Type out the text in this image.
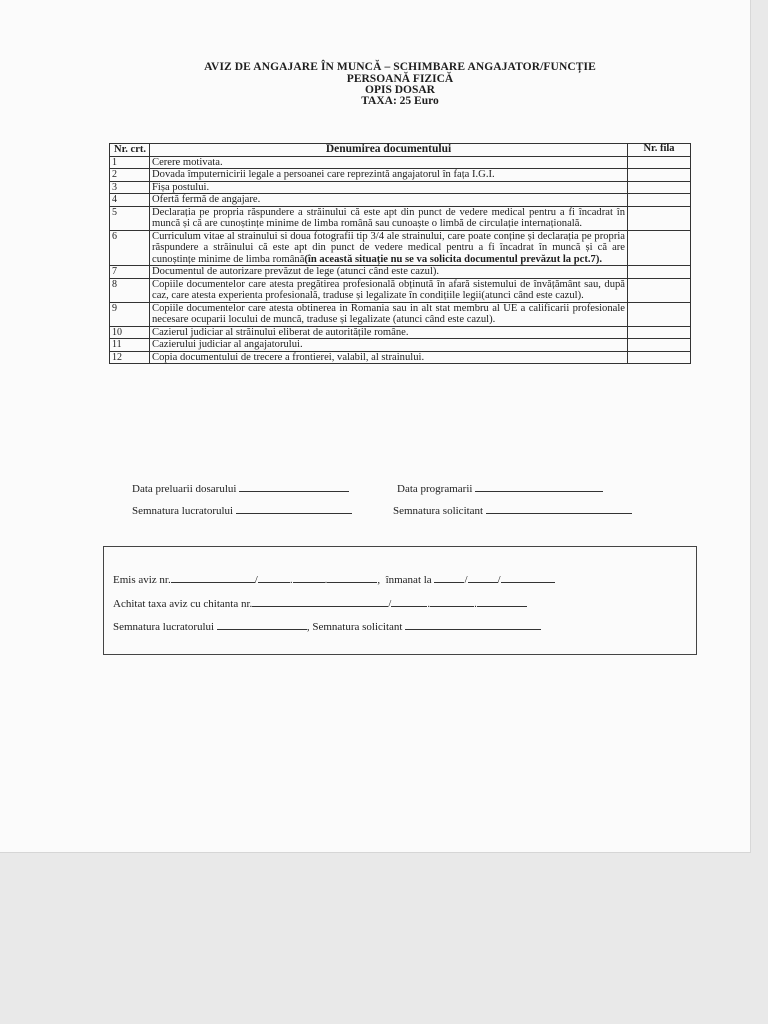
AVIZ DE ANGAJARE ÎN MUNCĂ – SCHIMBARE ANGAJATOR/FUNCȚIE
PERSOANĂ FIZICĂ
OPIS DOSAR
TAXA: 25 Euro
Nr. crt.	Denumirea documentului	Nr. fila
1	Cerere motivata.	
2	Dovada împuternicirii legale a persoanei care reprezintă angajatorul în fața I.G.I.	
3	Fișa postului.	
4	Ofertă fermă de angajare.	
5	Declarația pe propria răspundere a străinului că este apt din punct de vedere medical pentru a fi încadrat în muncă și că are cunoștințe minime de limba română sau cunoaște o limbă de circulație internațională.	
6	Curriculum vitae al strainului si doua fotografii tip 3/4 ale strainului, care poate conține și declarația pe propria răspundere a străinului că este apt din punct de vedere medical pentru a fi încadrat în muncă și că are cunoștințe minime de limba română(în această situație nu se va solicita documentul prevăzut la pct.7).	
7	Documentul de autorizare prevăzut de lege (atunci când este cazul).	
8	Copiile documentelor care atesta pregătirea profesională obținută în afară sistemului de învățământ sau, după caz, care atesta experienta profesională, traduse și legalizate în condițiile legii(atunci când este cazul).	
9	Copiile documentelor care atesta obtinerea in Romania sau in alt stat membru al UE a calificarii profesionale necesare ocuparii locului de muncă, traduse și legalizate (atunci când este cazul).	
10	Cazierul judiciar al străinului eliberat de autoritățile române.	
11	Cazierului judiciar al angajatorului.	
12	Copia documentului de trecere a frontierei, valabil, al strainului.	
Data preluarii dosarului	Data programarii
Semnatura lucratorului	Semnatura solicitant
Emis aviz nr.	/	.	.	,  înmanat la	/	/
Achitat taxa aviz cu chitanta nr.	/	.	.
Semnatura lucratorului	, Semnatura solicitant
